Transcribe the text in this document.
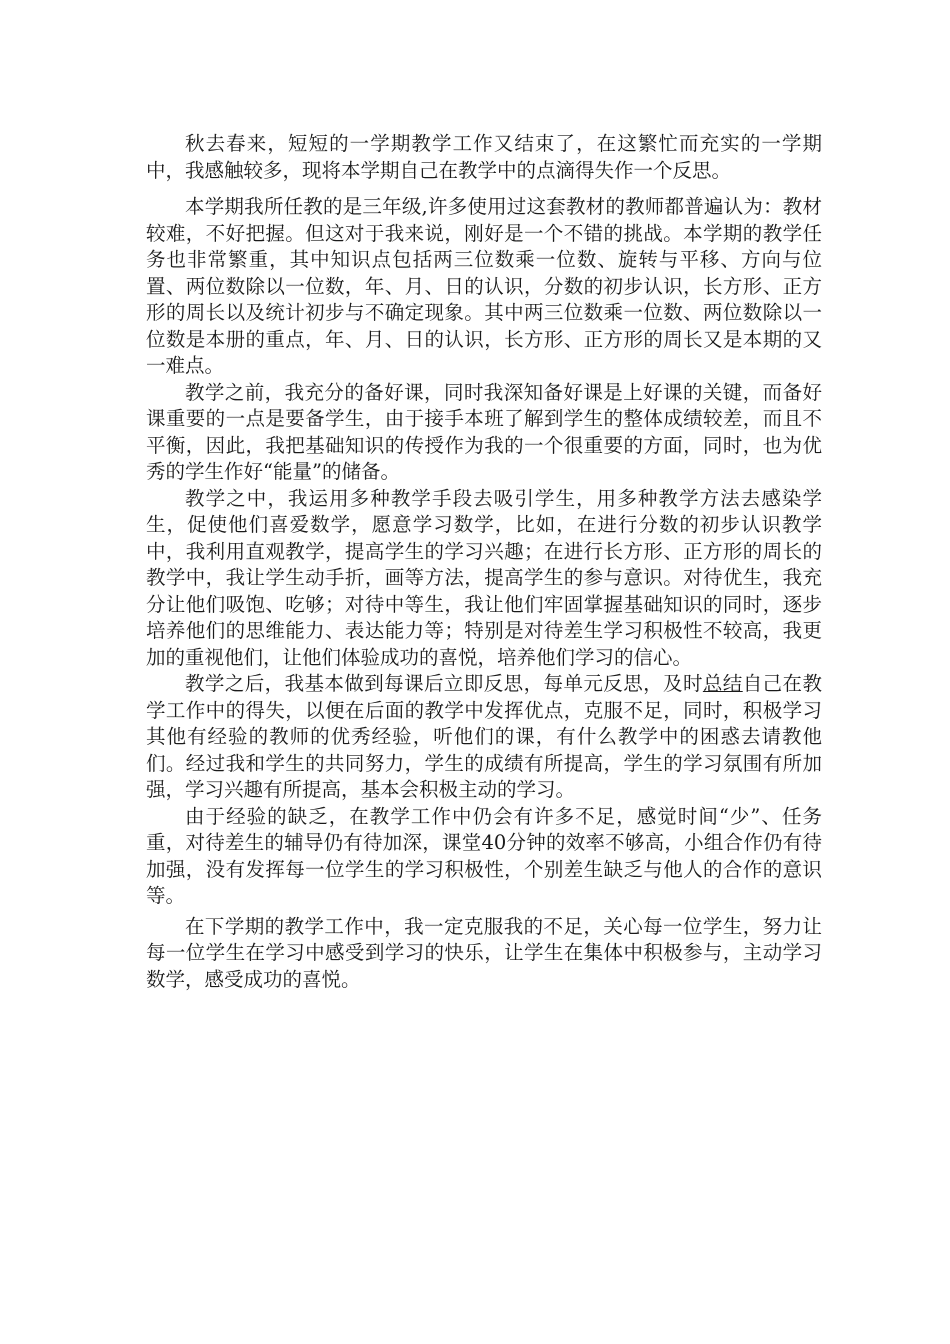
秋去春来，短短的一学期教学工作又结束了，在这繁忙而充实的一学期中，我感触较多，现将本学期自己在教学中的点滴得失作一个反思。

本学期我所任教的是三年级,许多使用过这套教材的教师都普遍认为：教材较难，不好把握。但这对于我来说，刚好是一个不错的挑战。本学期的教学任务也非常繁重，其中知识点包括两三位数乘一位数、旋转与平移、方向与位置、两位数除以一位数，年、月、日的认识，分数的初步认识，长方形、正方形的周长以及统计初步与不确定现象。其中两三位数乘一位数、两位数除以一位数是本册的重点，年、月、日的认识，长方形、正方形的周长又是本期的又一难点。

教学之前，我充分的备好课，同时我深知备好课是上好课的关键，而备好课重要的一点是要备学生，由于接手本班了解到学生的整体成绩较差，而且不平衡，因此，我把基础知识的传授作为我的一个很重要的方面，同时，也为优秀的学生作好“能量”的储备。

教学之中，我运用多种教学手段去吸引学生，用多种教学方法去感染学生，促使他们喜爱数学，愿意学习数学，比如，在进行分数的初步认识教学中，我利用直观教学，提高学生的学习兴趣；在进行长方形、正方形的周长的教学中，我让学生动手折，画等方法，提高学生的参与意识。对待优生，我充分让他们吸饱、吃够；对待中等生，我让他们牢固掌握基础知识的同时，逐步培养他们的思维能力、表达能力等；特别是对待差生学习积极性不较高，我更加的重视他们，让他们体验成功的喜悦，培养他们学习的信心。

教学之后，我基本做到每课后立即反思，每单元反思，及时总结自己在教学工作中的得失，以便在后面的教学中发挥优点，克服不足，同时，积极学习其他有经验的教师的优秀经验，听他们的课，有什么教学中的困惑去请教他们。经过我和学生的共同努力，学生的成绩有所提高，学生的学习氛围有所加强，学习兴趣有所提高，基本会积极主动的学习。

由于经验的缺乏，在教学工作中仍会有许多不足，感觉时间“少”、任务重，对待差生的辅导仍有待加深，课堂40分钟的效率不够高，小组合作仍有待加强，没有发挥每一位学生的学习积极性，个别差生缺乏与他人的合作的意识等。

在下学期的教学工作中，我一定克服我的不足，关心每一位学生，努力让每一位学生在学习中感受到学习的快乐，让学生在集体中积极参与，主动学习数学，感受成功的喜悦。
